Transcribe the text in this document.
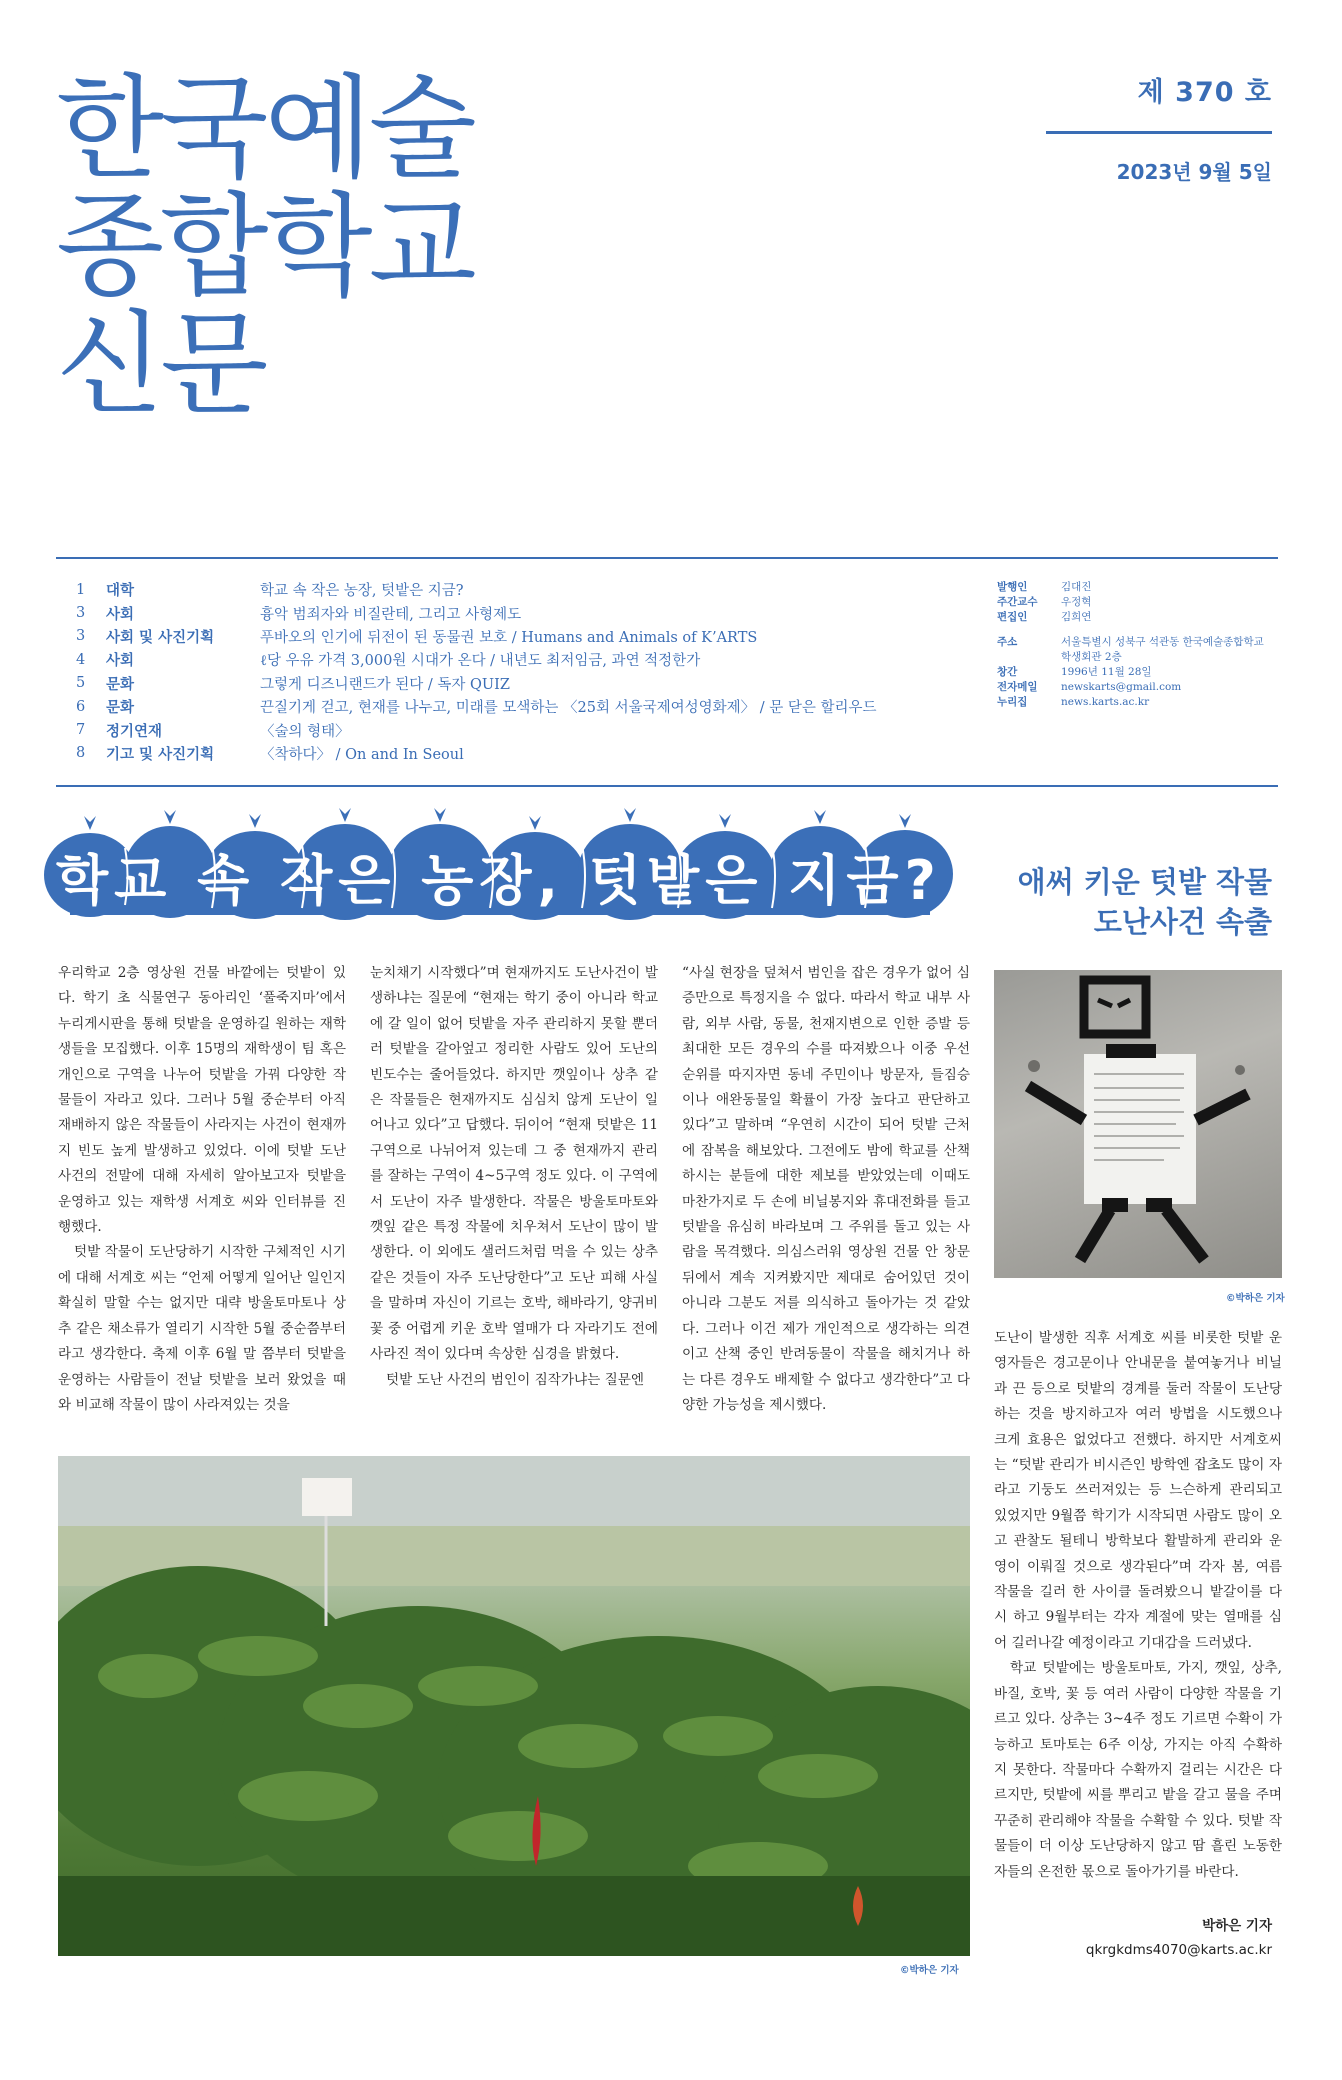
한국예술
종합학교
신문
제 370 호
2023년 9월 5일
1	대학	학교 속 작은 농장, 텃밭은 지금?
3	사회	흉악 범죄자와 비질란테, 그리고 사형제도
3	사회 및 사진기획	푸바오의 인기에 뒤전이 된 동물권 보호 / Humans and Animals of K’ARTS
4	사회	ℓ당 우유 가격 3,000원 시대가 온다 / 내년도 최저임금, 과연 적정한가
5	문화	그렇게 디즈니랜드가 된다 / 독자 QUIZ
6	문화	끈질기게 걷고, 현재를 나누고, 미래를 모색하는 〈25회 서울국제여성영화제〉 / 문 닫은 할리우드
7	정기연재	〈술의 형태〉
8	기고 및 사진기획	〈착하다〉 / On and In Seoul
발행인	김대진
주간교수	우정혁
편집인	김희연
주소	서울특별시 성북구 석관동 한국예술종합학교
학생회관 2층
창간	1996년 11월 28일
전자메일	newskarts@gmail.com
누리집	news.karts.ac.kr
학교 속 작은 농장, 텃밭은 지금?	애써 키운 텃밭 작물
도난사건 속출

우리학교 2층 영상원 건물 바깥에는 텃밭이 있다. 학기 초 식물연구 동아리인 ‘풀죽지마’에서 누리게시판을 통해 텃밭을 운영하길 원하는 재학생들을 모집했다. 이후 15명의 재학생이 팀 혹은 개인으로 구역을 나누어 텃밭을 가꿔 다양한 작물들이 자라고 있다. 그러나 5월 중순부터 아직 재배하지 않은 작물들이 사라지는 사건이 현재까지 빈도 높게 발생하고 있었다. 이에 텃밭 도난 사건의 전말에 대해 자세히 알아보고자 텃밭을 운영하고 있는 재학생 서계호 씨와 인터뷰를 진행했다.

텃밭 작물이 도난당하기 시작한 구체적인 시기에 대해 서계호 씨는 “언제 어떻게 일어난 일인지 확실히 말할 수는 없지만 대략 방울토마토나 상추 같은 채소류가 열리기 시작한 5월 중순쯤부터라고 생각한다. 축제 이후 6월 말 쯤부터 텃밭을 운영하는 사람들이 전날 텃밭을 보러 왔었을 때와 비교해 작물이 많이 사라져있는 것을

눈치채기 시작했다”며 현재까지도 도난사건이 발생하냐는 질문에 “현재는 학기 중이 아니라 학교에 갈 일이 없어 텃밭을 자주 관리하지 못할 뿐더러 텃밭을 갈아엎고 정리한 사람도 있어 도난의 빈도수는 줄어들었다. 하지만 깻잎이나 상추 같은 작물들은 현재까지도 심심치 않게 도난이 일어나고 있다”고 답했다. 뒤이어 “현재 텃밭은 11구역으로 나뉘어져 있는데 그 중 현재까지 관리를 잘하는 구역이 4~5구역 정도 있다. 이 구역에서 도난이 자주 발생한다. 작물은 방울토마토와 깻잎 같은 특정 작물에 치우쳐서 도난이 많이 발생한다. 이 외에도 샐러드처럼 먹을 수 있는 상추같은 것들이 자주 도난당한다”고 도난 피해 사실을 말하며 자신이 기르는 호박, 해바라기, 양귀비꽃 중 어렵게 키운 호박 열매가 다 자라기도 전에 사라진 적이 있다며 속상한 심경을 밝혔다.

텃밭 도난 사건의 범인이 짐작가냐는 질문엔

“사실 현장을 덮쳐서 범인을 잡은 경우가 없어 심증만으로 특정지을 수 없다. 따라서 학교 내부 사람, 외부 사람, 동물, 천재지변으로 인한 증발 등 최대한 모든 경우의 수를 따져봤으나 이중 우선순위를 따지자면 동네 주민이나 방문자, 들짐승이나 애완동물일 확률이 가장 높다고 판단하고 있다”고 말하며 “우연히 시간이 되어 텃밭 근처에 잠복을 해보았다. 그전에도 밤에 학교를 산책하시는 분들에 대한 제보를 받았었는데 이때도 마찬가지로 두 손에 비닐봉지와 휴대전화를 들고 텃밭을 유심히 바라보며 그 주위를 돌고 있는 사람을 목격했다. 의심스러워 영상원 건물 안 창문 뒤에서 계속 지켜봤지만 제대로 숨어있던 것이 아니라 그분도 저를 의식하고 돌아가는 것 같았다. 그러나 이건 제가 개인적으로 생각하는 의견이고 산책 중인 반려동물이 작물을 해치거나 하는 다른 경우도 배제할 수 없다고 생각한다”고 다양한 가능성을 제시했다.

©박하은 기자

도난이 발생한 직후 서계호 씨를 비롯한 텃밭 운영자들은 경고문이나 안내문을 붙여놓거나 비닐과 끈 등으로 텃밭의 경계를 둘러 작물이 도난당하는 것을 방지하고자 여러 방법을 시도했으나 크게 효용은 없었다고 전했다. 하지만 서계호씨는 “텃밭 관리가 비시즌인 방학엔 잡초도 많이 자라고 기둥도 쓰러져있는 등 느슨하게 관리되고 있었지만 9월쯤 학기가 시작되면 사람도 많이 오고 관찰도 될테니 방학보다 활발하게 관리와 운영이 이뤄질 것으로 생각된다”며 각자 봄, 여름 작물을 길러 한 사이클 돌려봤으니 밭갈이를 다시 하고 9월부터는 각자 계절에 맞는 열매를 심어 길러나갈 예정이라고 기대감을 드러냈다.

학교 텃밭에는 방울토마토, 가지, 깻잎, 상추, 바질, 호박, 꽃 등 여러 사람이 다양한 작물을 기르고 있다. 상추는 3~4주 정도 기르면 수확이 가능하고 토마토는 6주 이상, 가지는 아직 수확하지 못한다. 작물마다 수확까지 걸리는 시간은 다르지만, 텃밭에 씨를 뿌리고 밭을 갈고 물을 주며 꾸준히 관리해야 작물을 수확할 수 있다. 텃밭 작물들이 더 이상 도난당하지 않고 땀 흘린 노동한 자들의 온전한 몫으로 돌아가기를 바란다.

©박하은 기자
박하은 기자
qkrgkdms4070@karts.ac.kr
